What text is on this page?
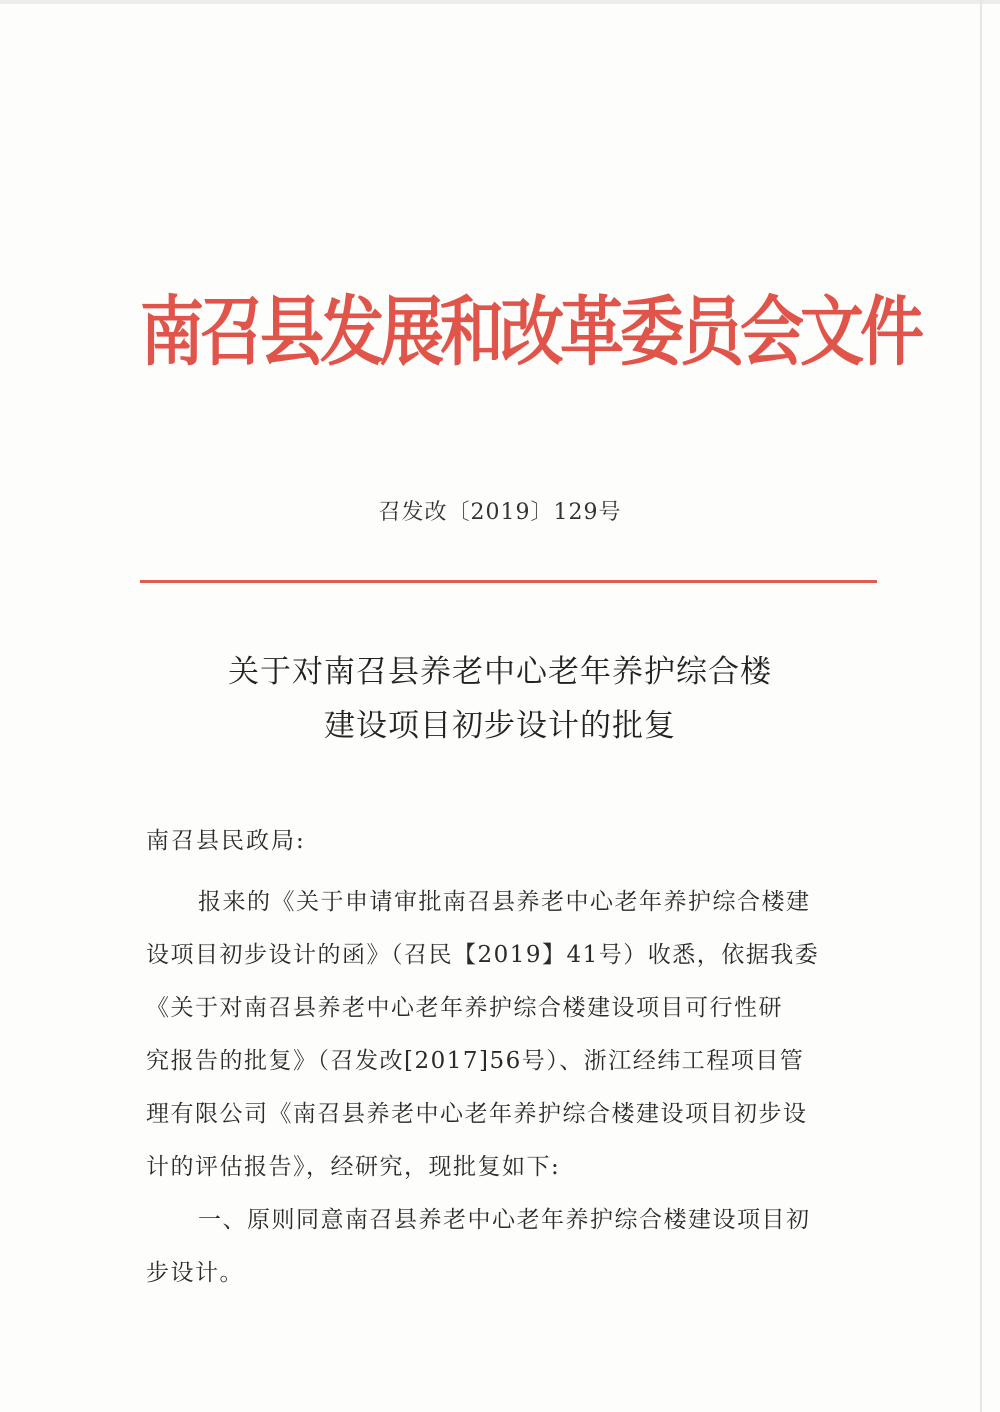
南召县发展和改革委员会文件
召发改〔2019〕129号
关于对南召县养老中心老年养护综合楼
建设项目初步设计的批复
南召县民政局:
报来的《关于申请审批南召县养老中心老年养护综合楼建
设项目初步设计的函》（召民【2019】41号）收悉，依据我委
《关于对南召县养老中心老年养护综合楼建设项目可行性研
究报告的批复》（召发改[2017]56号）、浙江经纬工程项目管
理有限公司《南召县养老中心老年养护综合楼建设项目初步设
计的评估报告》，经研究，现批复如下:
一、原则同意南召县养老中心老年养护综合楼建设项目初
步设计。
